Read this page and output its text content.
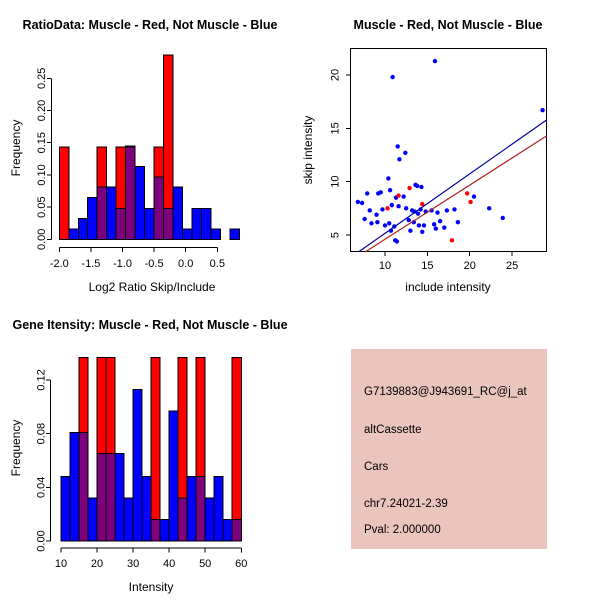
RatioData: Muscle - Red, Not Muscle - Blue
Log2 Ratio Skip/Include
Frequency
Muscle - Red, Not Muscle - Blue
include intensity
skip intensity
Gene Itensity: Muscle - Red, Not Muscle - Blue
Intensity
Frequency
-2.0 -1.5 -1.0 -0.5 0.0 0.5
0.00
0.05
0.10
0.15
0.20
0.25
10	15	20	25
5
10
15
20
10 20 30 40 50 60
0.00
0.04
0.08
0.12
G7139883@J943691_RC@j_at
altCassette
Cars
chr7.24021-2.39
Pval: 2.000000
